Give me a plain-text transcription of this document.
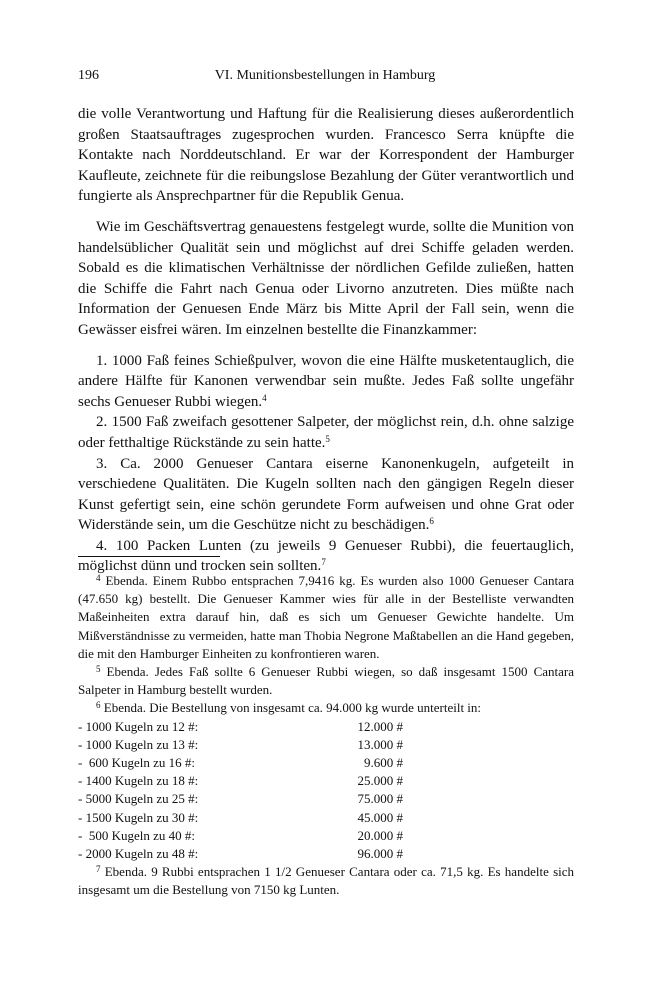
196	VI. Munitionsbestellungen in Hamburg

die volle Verantwortung und Haftung für die Realisierung dieses außerordentlich großen Staatsauftrages zugesprochen wurden. Francesco Serra knüpfte die Kontakte nach Norddeutschland. Er war der Korrespondent der Hamburger Kaufleute, zeichnete für die reibungslose Bezahlung der Güter verantwortlich und fungierte als Ansprechpartner für die Republik Genua.

Wie im Geschäftsvertrag genauestens festgelegt wurde, sollte die Munition von handelsüblicher Qualität sein und möglichst auf drei Schiffe geladen werden. Sobald es die klimatischen Verhältnisse der nördlichen Gefilde zuließen, hatten die Schiffe die Fahrt nach Genua oder Livorno anzutreten. Dies müßte nach Information der Genuesen Ende März bis Mitte April der Fall sein, wenn die Gewässer eisfrei wären. Im einzelnen bestellte die Finanzkammer:

1. 1000 Faß feines Schießpulver, wovon die eine Hälfte musketentauglich, die andere Hälfte für Kanonen verwendbar sein mußte. Jedes Faß sollte ungefähr sechs Genueser Rubbi wiegen.$^4$

2. 1500 Faß zweifach gesottener Salpeter, der möglichst rein, d.h. ohne salzige oder fetthaltige Rückstände zu sein hatte.$^5$

3. Ca. 2000 Genueser Cantara eiserne Kanonenkugeln, aufgeteilt in verschiedene Qualitäten. Die Kugeln sollten nach den gängigen Regeln dieser Kunst gefertigt sein, eine schön gerundete Form aufweisen und ohne Grat oder Widerstände sein, um die Geschütze nicht zu beschädigen.$^6$

4. 100 Packen Lunten (zu jeweils 9 Genueser Rubbi), die feuertauglich, möglichst dünn und trocken sein sollten.$^7$

$^4$ Ebenda. Einem Rubbo entsprachen 7,9416 kg. Es wurden also 1000 Genueser Cantara (47.650 kg) bestellt. Die Genueser Kammer wies für alle in der Bestelliste verwandten Maßeinheiten extra darauf hin, daß es sich um Genueser Gewichte handelte. Um Mißverständnisse zu vermeiden, hatte man Thobia Negrone Maßtabellen an die Hand gegeben, die mit den Hamburger Einheiten zu konfrontieren waren.

$^5$ Ebenda. Jedes Faß sollte 6 Genueser Rubbi wiegen, so daß insgesamt 1500 Cantara Salpeter in Hamburg bestellt wurden.

$^6$ Ebenda. Die Bestellung von insgesamt ca. 94.000 kg wurde unterteilt in:

- 1000 Kugeln zu 12 #:	12.000 #
- 1000 Kugeln zu 13 #:	13.000 #
-  600 Kugeln zu 16 #:	9.600 #
- 1400 Kugeln zu 18 #:	25.000 #
- 5000 Kugeln zu 25 #:	75.000 #
- 1500 Kugeln zu 30 #:	45.000 #
-  500 Kugeln zu 40 #:	20.000 #
- 2000 Kugeln zu 48 #:	96.000 #

$^7$ Ebenda. 9 Rubbi entsprachen 1 1/2 Genueser Cantara oder ca. 71,5 kg. Es handelte sich insgesamt um die Bestellung von 7150 kg Lunten.
